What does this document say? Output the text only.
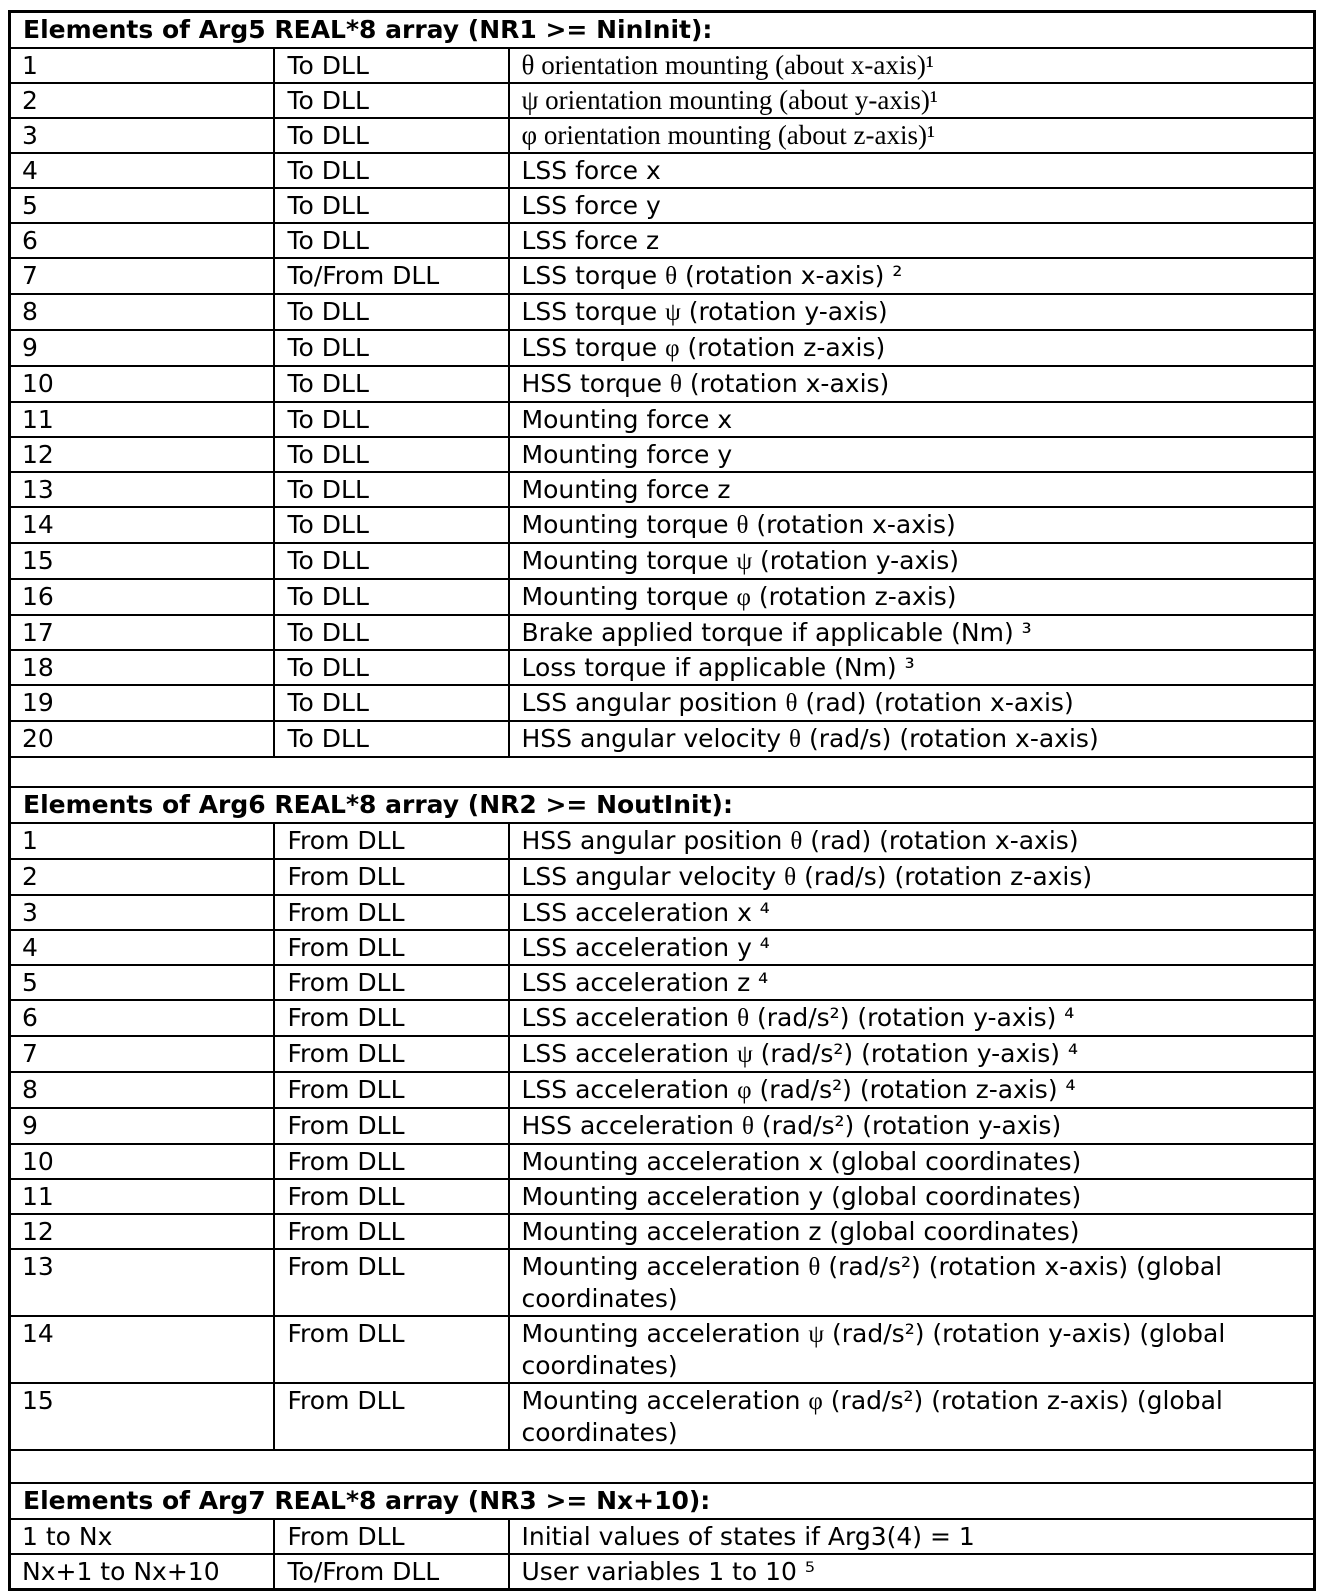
Elements of Arg5 REAL*8 array (NR1 >= NinInit):		
1	To DLL	θ orientation mounting (about x-axis)¹
2	To DLL	ψ orientation mounting (about y-axis)¹
3	To DLL	φ orientation mounting (about z-axis)¹
4	To DLL	LSS force x
5	To DLL	LSS force y
6	To DLL	LSS force z
7	To/From DLL	LSS torque θ (rotation x-axis) ²
8	To DLL	LSS torque ψ (rotation y-axis)
9	To DLL	LSS torque φ (rotation z-axis)
10	To DLL	HSS torque θ (rotation x-axis)
11	To DLL	Mounting force x
12	To DLL	Mounting force y
13	To DLL	Mounting force z
14	To DLL	Mounting torque θ (rotation x-axis)
15	To DLL	Mounting torque ψ (rotation y-axis)
16	To DLL	Mounting torque φ (rotation z-axis)
17	To DLL	Brake applied torque if applicable (Nm) ³
18	To DLL	Loss torque if applicable (Nm) ³
19	To DLL	LSS angular position θ (rad) (rotation x-axis)
20	To DLL	HSS angular velocity θ (rad/s) (rotation x-axis)

Elements of Arg6 REAL*8 array (NR2 >= NoutInit):		
1	From DLL	HSS angular position θ (rad) (rotation x-axis)
2	From DLL	LSS angular velocity θ (rad/s) (rotation z-axis)
3	From DLL	LSS acceleration x ⁴
4	From DLL	LSS acceleration y ⁴
5	From DLL	LSS acceleration z ⁴
6	From DLL	LSS acceleration θ (rad/s²) (rotation y-axis) ⁴
7	From DLL	LSS acceleration ψ (rad/s²) (rotation y-axis) ⁴
8	From DLL	LSS acceleration φ (rad/s²) (rotation z-axis) ⁴
9	From DLL	HSS acceleration θ (rad/s²) (rotation y-axis)
10	From DLL	Mounting acceleration x (global coordinates)
11	From DLL	Mounting acceleration y (global coordinates)
12	From DLL	Mounting acceleration z (global coordinates)
13	From DLL	Mounting acceleration θ (rad/s²) (rotation x-axis) (global coordinates)
14	From DLL	Mounting acceleration ψ (rad/s²) (rotation y-axis) (global coordinates)
15	From DLL	Mounting acceleration φ (rad/s²) (rotation z-axis) (global coordinates)

Elements of Arg7 REAL*8 array (NR3 >= Nx+10):		
1 to Nx	From DLL	Initial values of states if Arg3(4) = 1
Nx+1 to Nx+10	To/From DLL	User variables 1 to 10 ⁵
